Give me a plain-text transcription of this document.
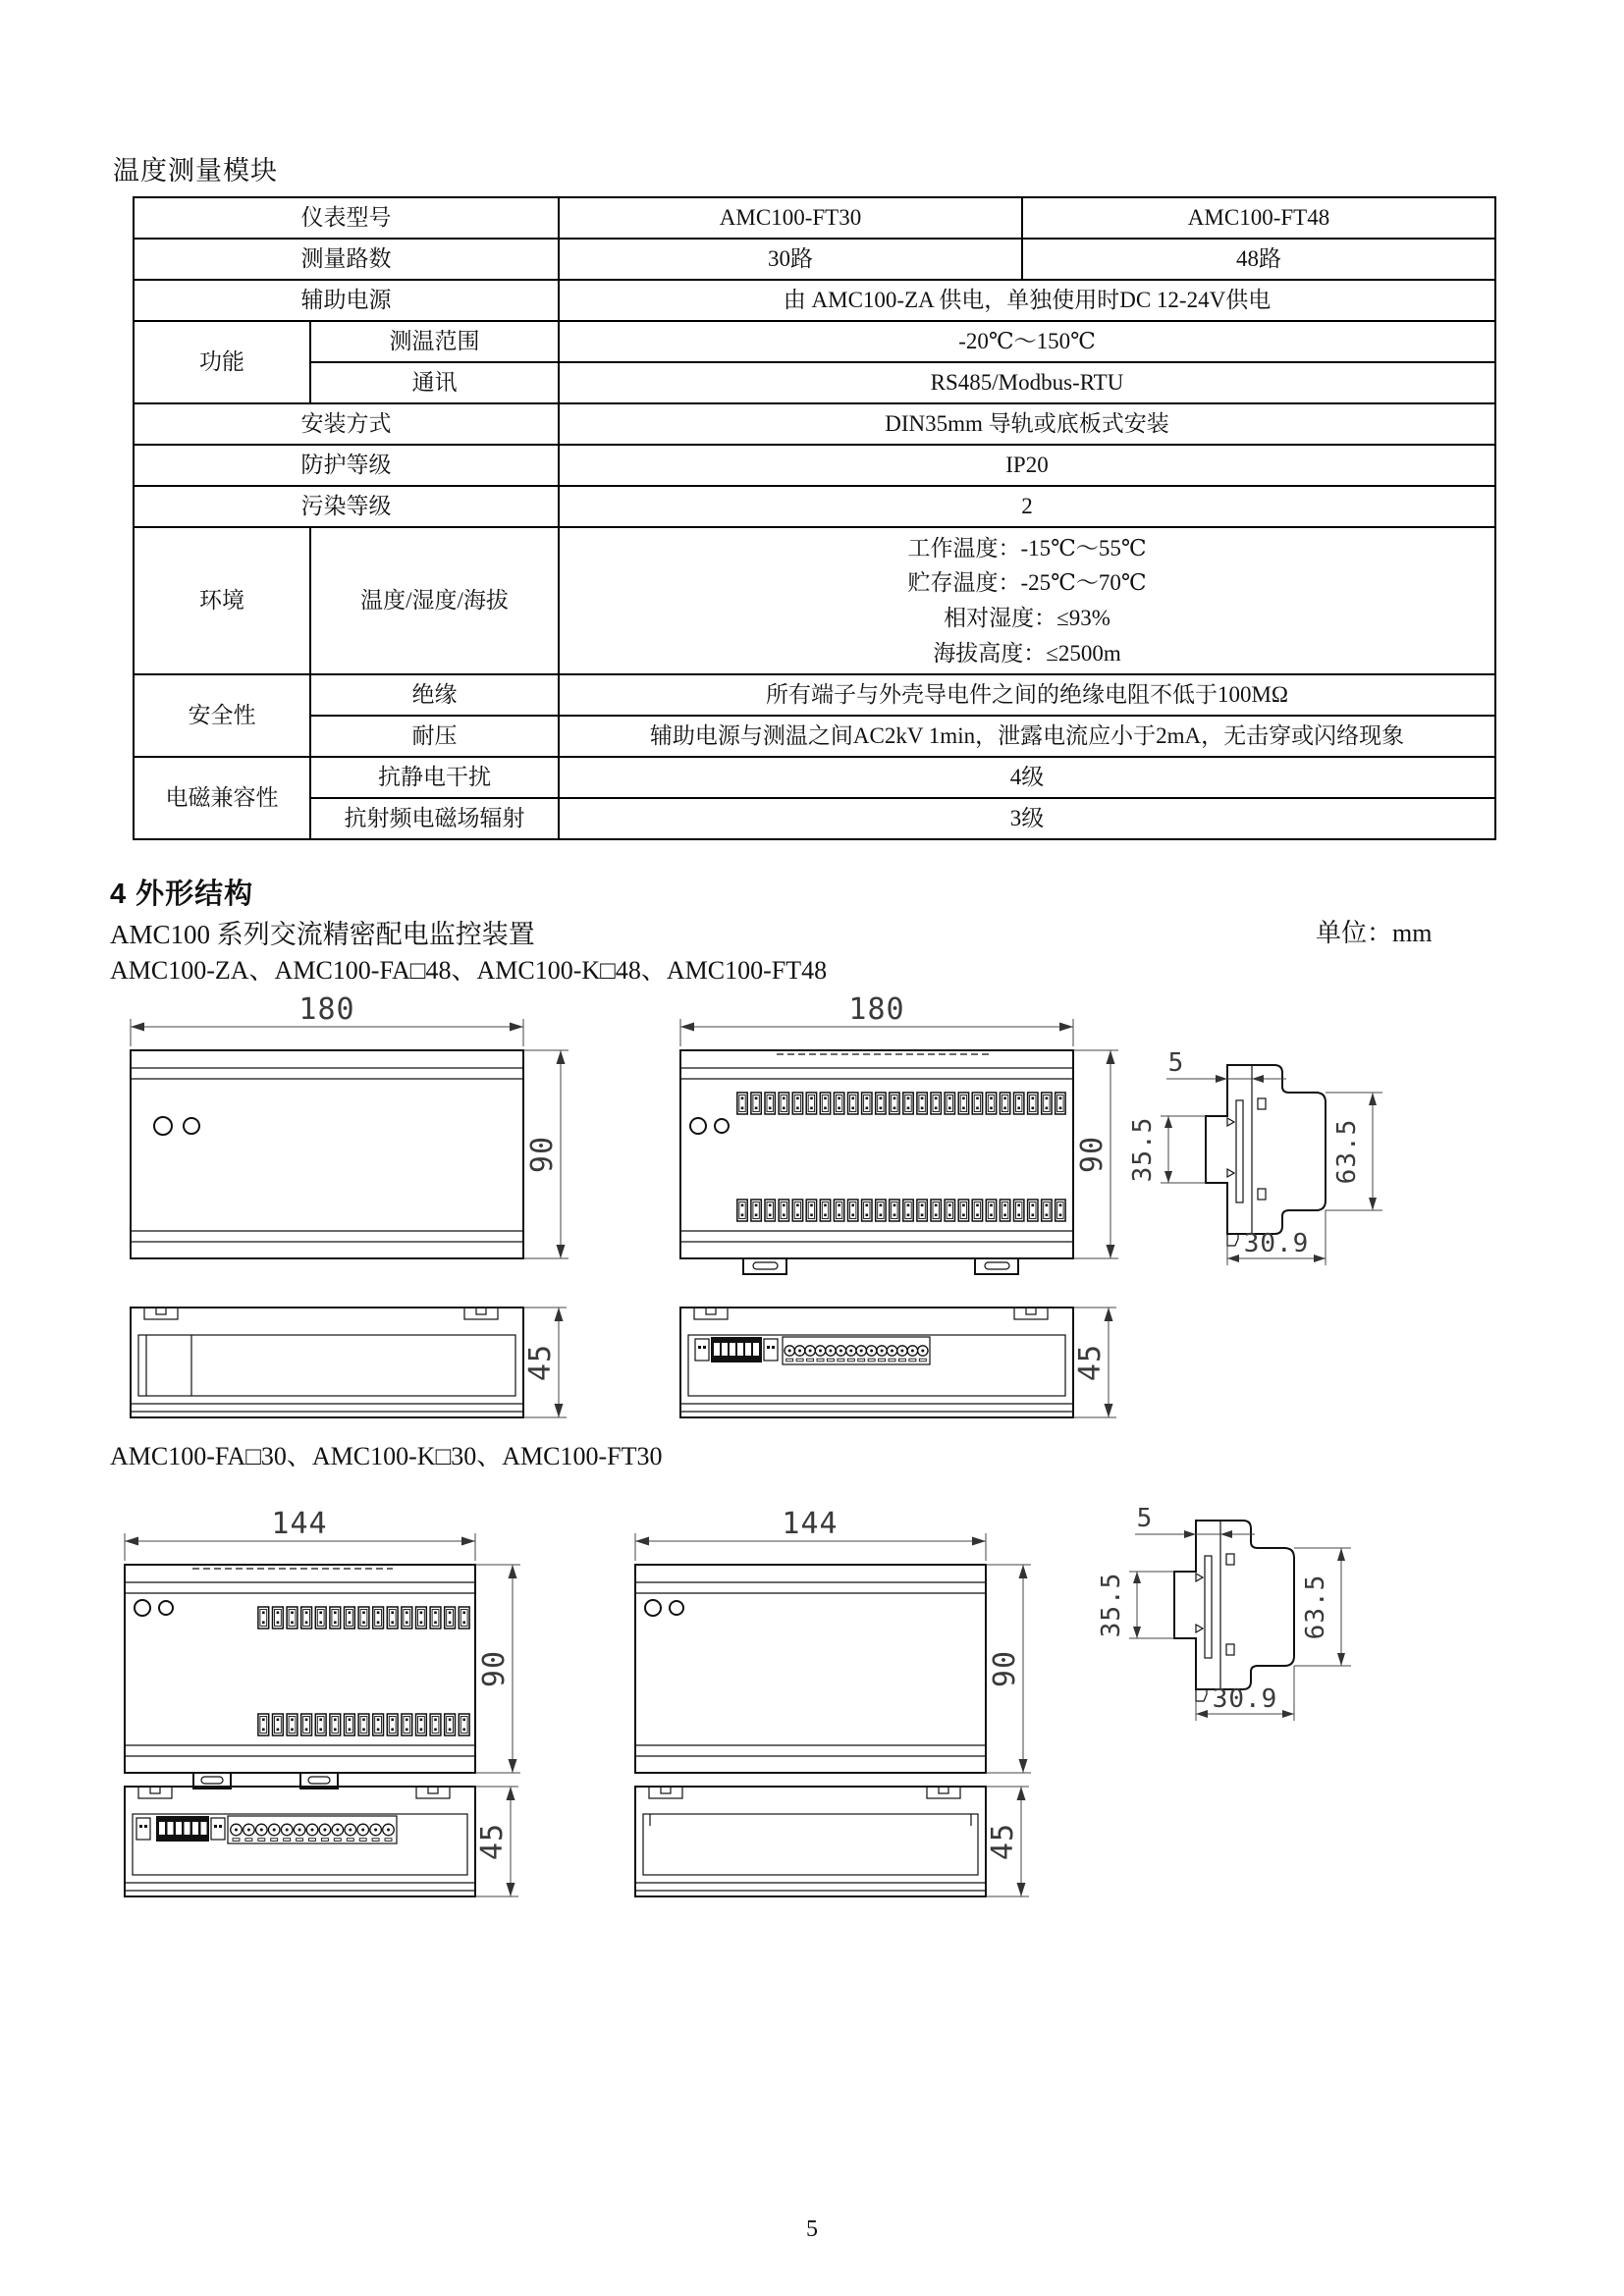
温度测量模块
仪表型号		AMC100-FT30	AMC100-FT48
测量路数		30路	48路
辅助电源		由 AMC100-ZA 供电，单独使用时DC 12-24V供电	
功能	测温范围	-20℃～150℃	
	通讯	RS485/Modbus-RTU	
安装方式		DIN35mm 导轨或底板式安装	
防护等级		IP20	
污染等级		2	
环境	温度/湿度/海拔	工作温度：-15℃～55℃
贮存温度：-25℃～70℃
相对湿度：≤93%
海拔高度：≤2500m	

安全性	绝缘	所有端子与外壳导电件之间的绝缘电阻不低于100MΩ	
	耐压	辅助电源与测温之间AC2kV 1min，泄露电流应小于2mA，无击穿或闪络现象	
电磁兼容性	抗静电干扰	4级	
	抗射频电磁场辐射	3级	
4 外形结构
AMC100 系列交流精密配电监控装置	单位：mm
AMC100-ZA、AMC100-FA□48、AMC100-K□48、AMC100-FT48
180
90
180
90
45	45
5
35.5	63.5
30.9
AMC100-FA□30、AMC100-K□30、AMC100-FT30
144
90
144
90
45	45
5
35.5	63.5
30.9
5
